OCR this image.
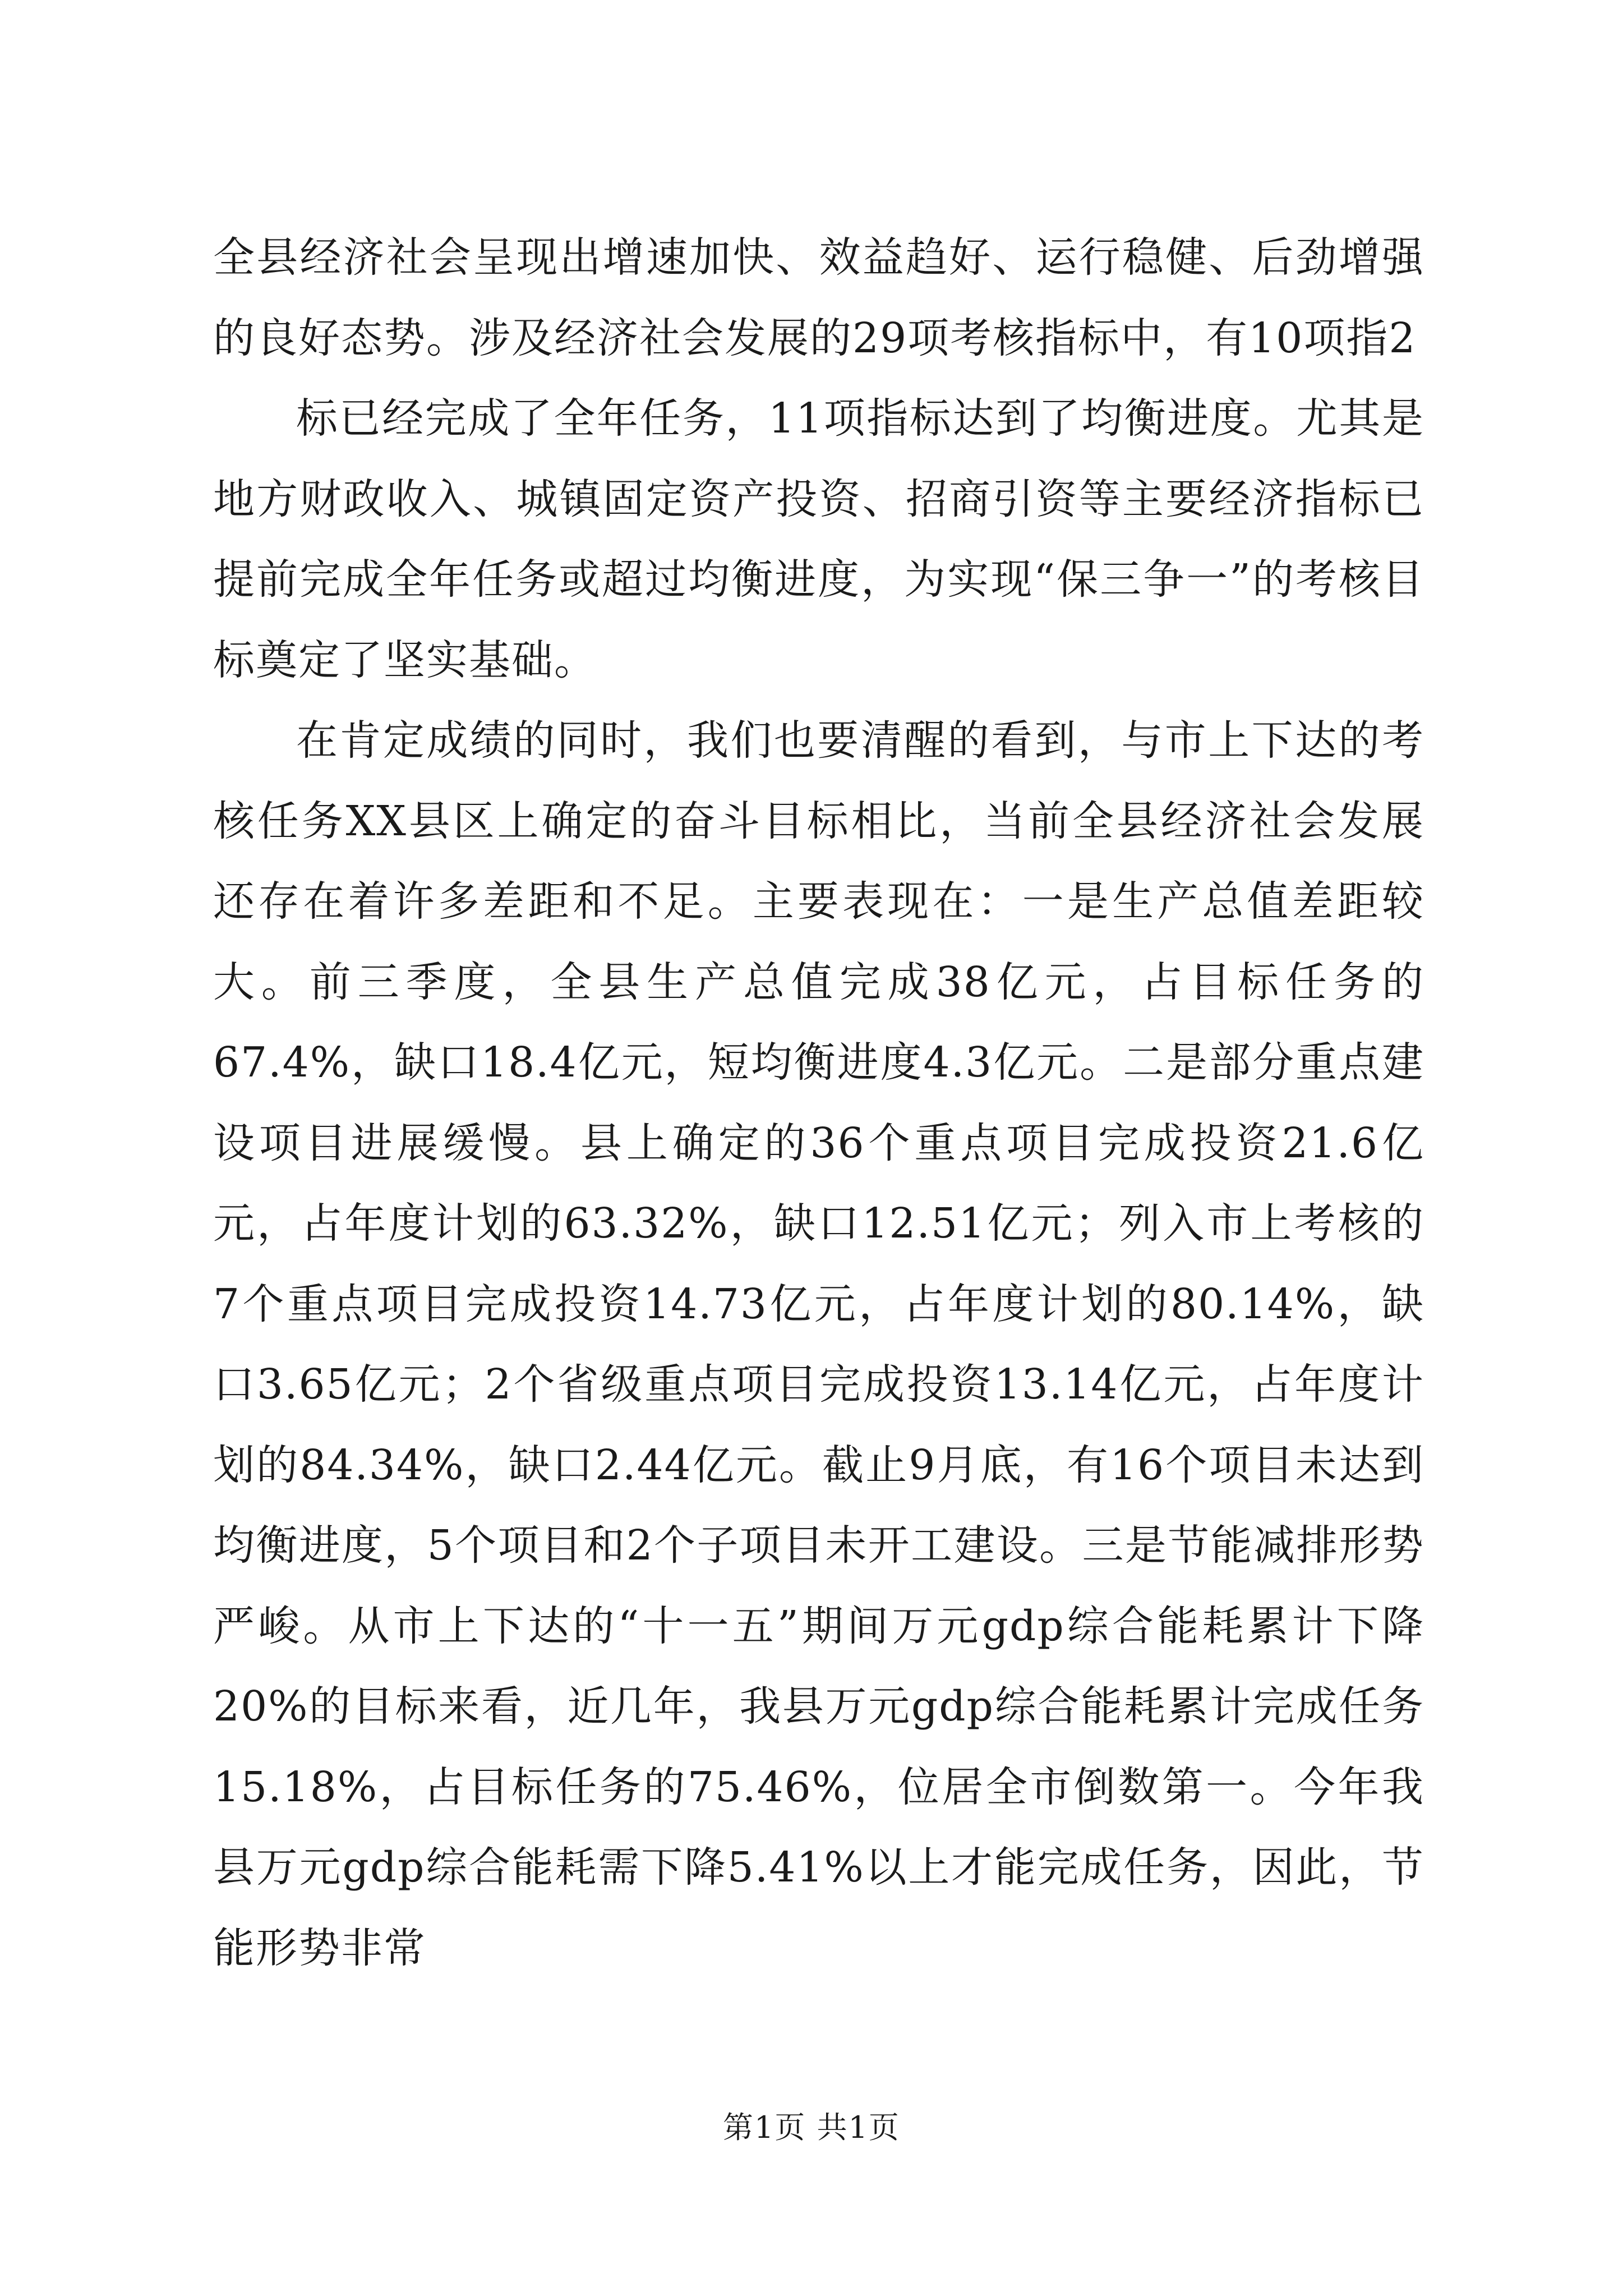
全县经济社会呈现出增速加快、效益趋好、运行稳健、后劲增强的良好态势。涉及经济社会发展的29项考核指标中，有10项指2

标已经完成了全年任务，11项指标达到了均衡进度。尤其是地方财政收入、城镇固定资产投资、招商引资等主要经济指标已提前完成全年任务或超过均衡进度，为实现“保三争一”的考核目标奠定了坚实基础。

在肯定成绩的同时，我们也要清醒的看到，与市上下达的考核任务XX县区上确定的奋斗目标相比，当前全县经济社会发展还存在着许多差距和不足。主要表现在：一是生产总值差距较大。前三季度，全县生产总值完成38亿元，占目标任务的67.4%，缺口18.4亿元，短均衡进度4.3亿元。二是部分重点建设项目进展缓慢。县上确定的36个重点项目完成投资21.6亿元，占年度计划的63.32%，缺口12.51亿元；列入市上考核的7个重点项目完成投资14.73亿元，占年度计划的80.14%，缺口3.65亿元；2个省级重点项目完成投资13.14亿元，占年度计划的84.34%，缺口2.44亿元。截止9月底，有16个项目未达到均衡进度，5个项目和2个子项目未开工建设。三是节能减排形势严峻。从市上下达的“十一五”期间万元gdp综合能耗累计下降20%的目标来看，近几年，我县万元gdp综合能耗累计完成任务15.18%，占目标任务的75.46%，位居全市倒数第一。今年我县万元gdp综合能耗需下降5.41%以上才能完成任务，因此，节能形势非常

第1页 共1页
